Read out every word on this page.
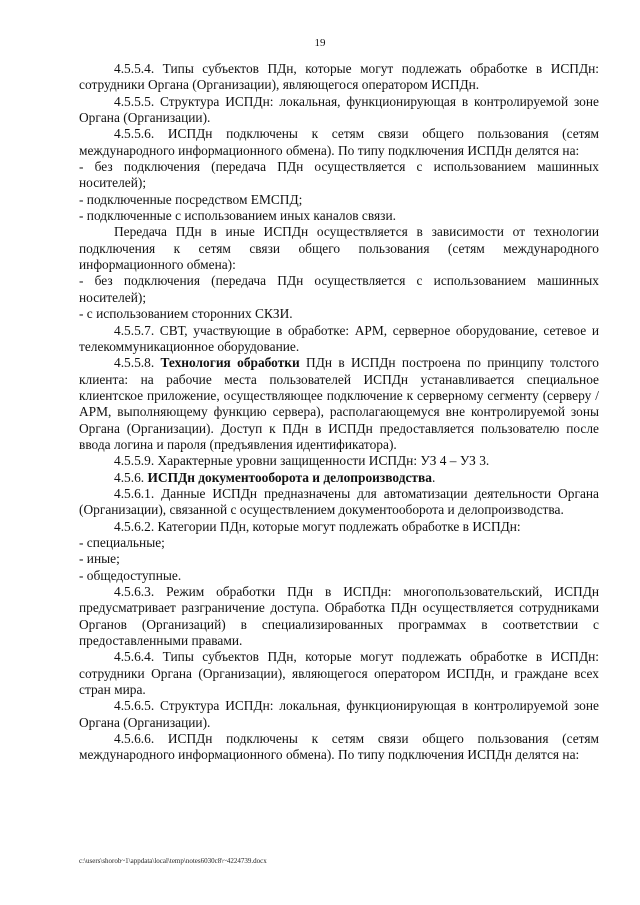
19

4.5.5.4. Типы субъектов ПДн, которые могут подлежать обработке в ИСПДн: сотрудники Органа (Организации), являющегося оператором ИСПДн.

4.5.5.5. Структура ИСПДн: локальная, функционирующая в контролируемой зоне Органа (Организации).

4.5.5.6. ИСПДн подключены к сетям связи общего пользования (сетям международного информационного обмена). По типу подключения ИСПДн делятся на:

- без подключения (передача ПДн осуществляется с использованием машинных носителей);

- подключенные посредством ЕМСПД;

- подключенные с использованием иных каналов связи.

Передача ПДн в иные ИСПДн осуществляется в зависимости от технологии подключения к сетям связи общего пользования (сетям международного информационного обмена):

- без подключения (передача ПДн осуществляется с использованием машинных носителей);

- с использованием сторонних СКЗИ.

4.5.5.7. СВТ, участвующие в обработке: АРМ, серверное оборудование, сетевое и телекоммуникационное оборудование.

4.5.5.8. Технология обработки ПДн в ИСПДн построена по принципу толстого клиента: на рабочие места пользователей ИСПДн устанавливается специальное клиентское приложение, осуществляющее подключение к серверному сегменту (серверу / АРМ, выполняющему функцию сервера), располагающемуся вне контролируемой зоны Органа (Организации). Доступ к ПДн в ИСПДн предоставляется пользователю после ввода логина и пароля (предъявления идентификатора).

4.5.5.9. Характерные уровни защищенности ИСПДн: УЗ 4 – УЗ 3.

4.5.6. ИСПДн документооборота и делопроизводства.

4.5.6.1. Данные ИСПДн предназначены для автоматизации деятельности Органа (Организации), связанной с осуществлением документооборота и делопроизводства.

4.5.6.2. Категории ПДн, которые могут подлежать обработке в ИСПДн:

- специальные;

- иные;

- общедоступные.

4.5.6.3. Режим обработки ПДн в ИСПДн: многопользовательский, ИСПДн предусматривает разграничение доступа. Обработка ПДн осуществляется сотрудниками Органов (Организаций) в специализированных программах в соответствии с предоставленными правами.

4.5.6.4. Типы субъектов ПДн, которые могут подлежать обработке в ИСПДн: сотрудники Органа (Организации), являющегося оператором ИСПДн, и граждане всех стран мира.

4.5.6.5. Структура ИСПДн: локальная, функционирующая в контролируемой зоне Органа (Организации).

4.5.6.6. ИСПДн подключены к сетям связи общего пользования (сетям международного информационного обмена). По типу подключения ИСПДн делятся на:

c:\users\shorob~1\appdata\local\temp\notes6030c8\~4224739.docx
